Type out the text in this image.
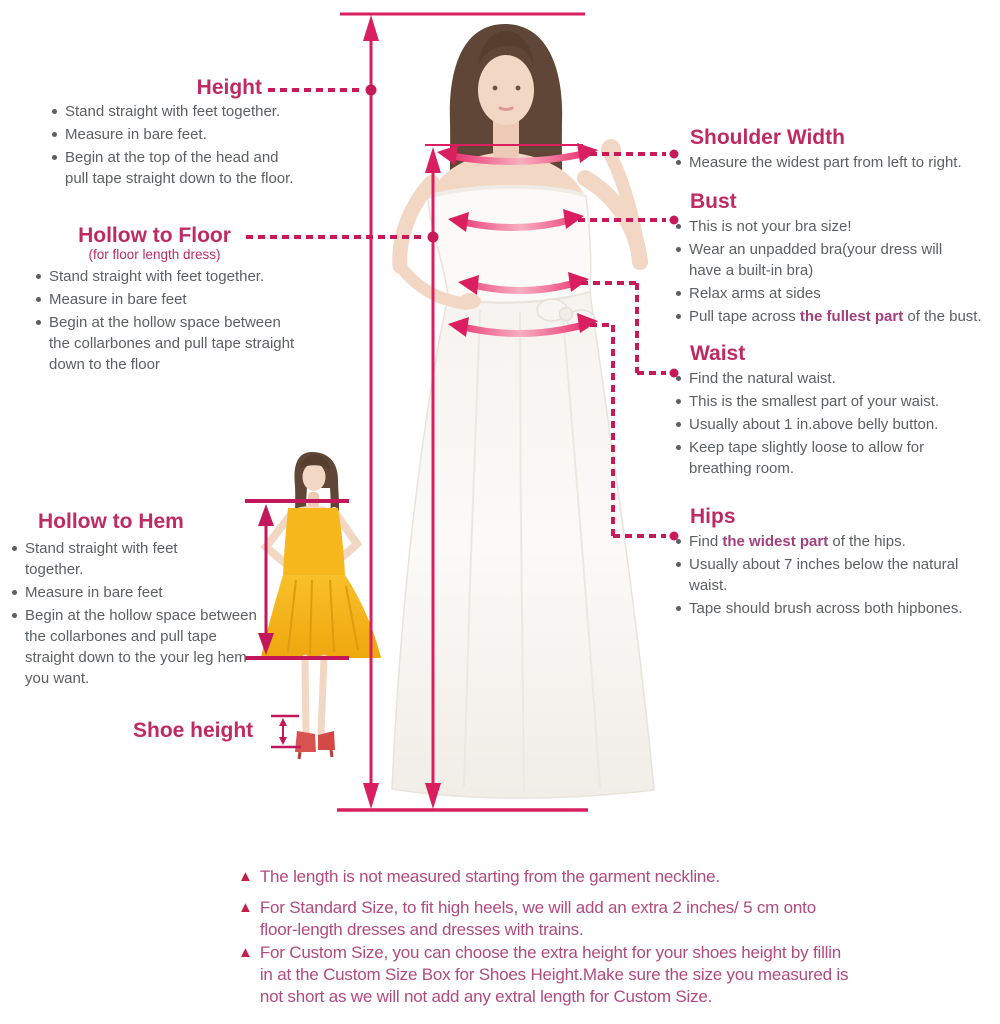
Height
Stand straight with feet together.
Measure in bare feet.
Begin at the top of the head and pull tape straight down to the floor.
Hollow to Floor
(for floor length dress)
Stand straight with feet together.
Measure in bare feet
Begin at the hollow space between the collarbones and pull tape straight down to the floor
Hollow to Hem
Stand straight with feet together.
Measure in bare feet
Begin at the hollow space between the collarbones and pull tape straight down to the your leg hem you want.
Shoe height
Shoulder Width
Measure the widest part from left to right.
Bust
This is not your bra size!
Wear an unpadded bra(your dress will have a built-in bra)
Relax arms at sides
Pull tape across the fullest part of the bust.
Waist
Find the natural waist.
This is the smallest part of your waist.
Usually about 1 in.above belly button.
Keep tape slightly loose to allow for breathing room.
Hips
Find the widest part of the hips.
Usually about 7 inches below the natural waist.
Tape should brush across both hipbones.
▲ The length is not measured starting from the garment neckline.
▲ For Standard Size, to fit high heels, we will add an extra 2 inches/ 5 cm onto
floor-length dresses and dresses with trains.
▲ For Custom Size, you can choose the extra height for your shoes height by fillin
in at the Custom Size Box for Shoes Height.Make sure the size you measured is
not short as we will not add any extral length for Custom Size.
